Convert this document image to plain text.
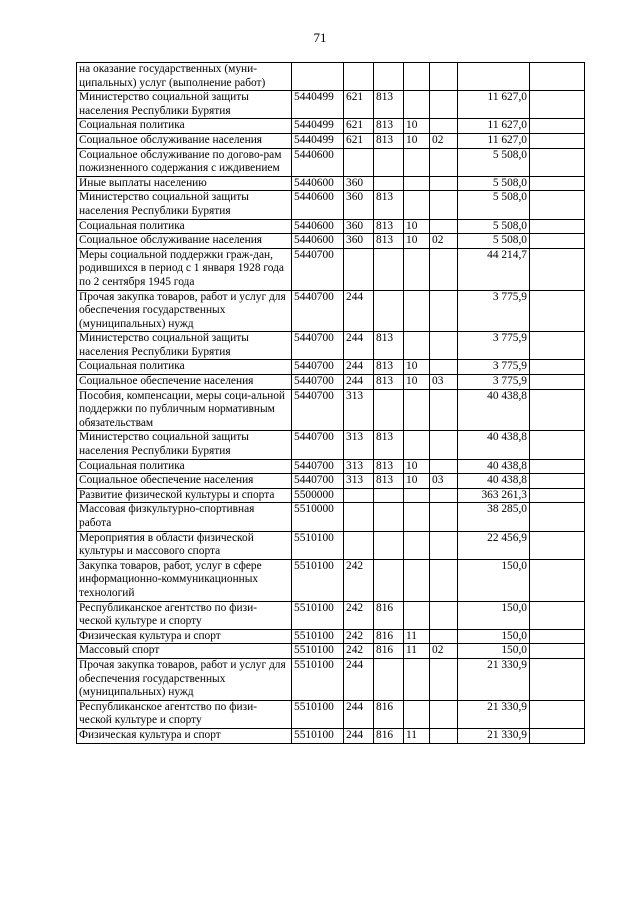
71
на оказание государственных (муни-ципальных) услуг (выполнение работ)							
Министерство социальной защиты населения Республики Бурятия	5440499	621	813			11 627,0	
Социальная политика	5440499	621	813	10		11 627,0	
Социальное обслуживание населения	5440499	621	813	10	02	11 627,0	
Социальное обслуживание по догово-рам пожизненного содержания с иждивением	5440600					5 508,0	
Иные выплаты населению	5440600	360				5 508,0	
Министерство социальной защиты населения Республики Бурятия	5440600	360	813			5 508,0	
Социальная политика	5440600	360	813	10		5 508,0	
Социальное обслуживание населения	5440600	360	813	10	02	5 508,0	
Меры социальной поддержки граж-дан, родившихся в период с 1 января 1928 года по 2 сентября 1945 года	5440700					44 214,7	
Прочая закупка товаров, работ и услуг для обеспечения государственных (муниципальных) нужд	5440700	244				3 775,9	
Министерство социальной защиты населения Республики Бурятия	5440700	244	813			3 775,9	
Социальная политика	5440700	244	813	10		3 775,9	
Социальное обеспечение населения	5440700	244	813	10	03	3 775,9	
Пособия, компенсации, меры соци-альной поддержки по публичным нормативным обязательствам	5440700	313				40 438,8	
Министерство социальной защиты населения Республики Бурятия	5440700	313	813			40 438,8	
Социальная политика	5440700	313	813	10		40 438,8	
Социальное обеспечение населения	5440700	313	813	10	03	40 438,8	
Развитие физической культуры и спорта	5500000					363 261,3	
Массовая физкультурно-спортивная работа	5510000					38 285,0	
Мероприятия в области физической культуры и массового спорта	5510100					22 456,9	
Закупка товаров, работ, услуг в сфере информационно-коммуникационных технологий	5510100	242				150,0	
Республиканское агентство по физи-ческой культуре и спорту	5510100	242	816			150,0	
Физическая культура и спорт	5510100	242	816	11		150,0	
Массовый спорт	5510100	242	816	11	02	150,0	
Прочая закупка товаров, работ и услуг для обеспечения государственных (муниципальных) нужд	5510100	244				21 330,9	
Республиканское агентство по физи-ческой культуре и спорту	5510100	244	816			21 330,9	
Физическая культура и спорт	5510100	244	816	11		21 330,9	
